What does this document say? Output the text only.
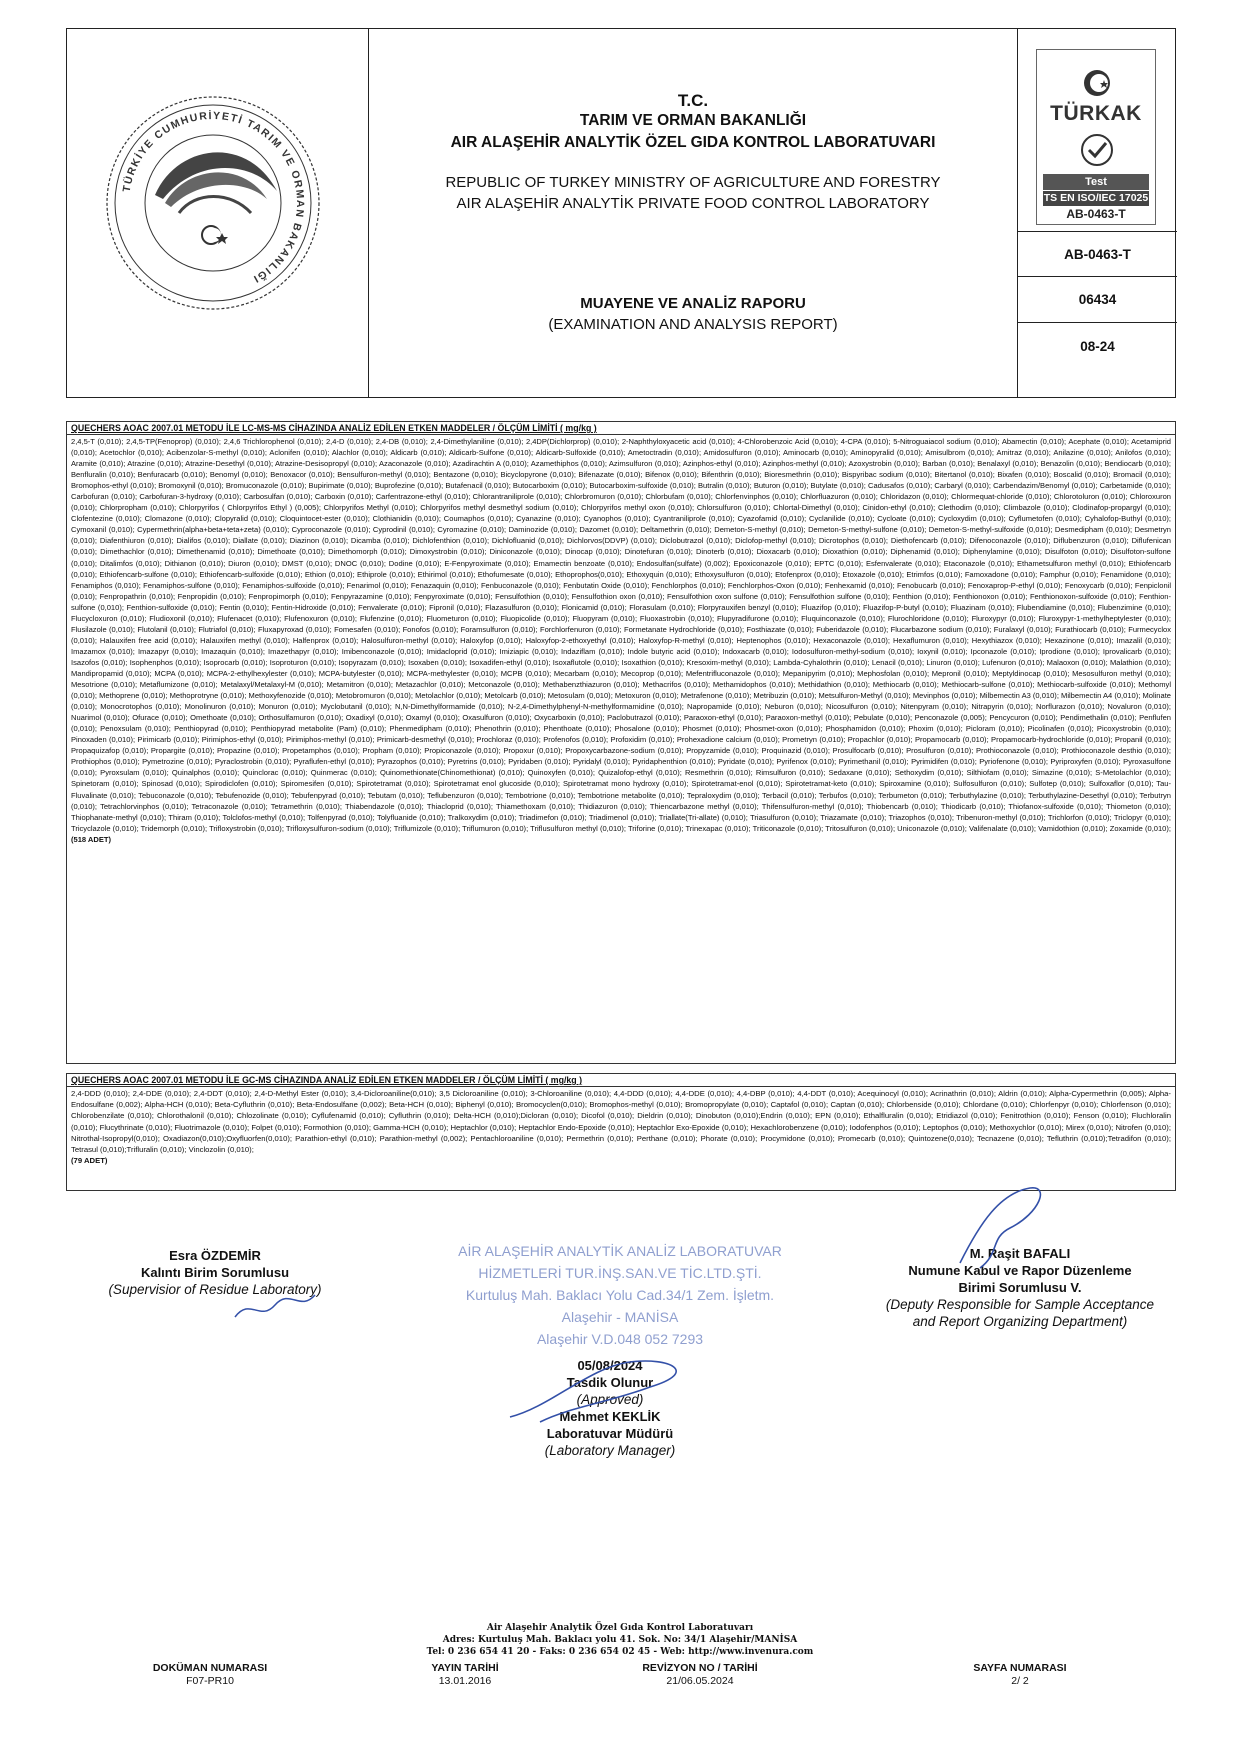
TÜRKİYE CUMHURİYETİ TARIM VE ORMAN BAKANLIĞI

T.C.

TARIM VE ORMAN BAKANLIĞI

AIR ALAŞEHİR ANALYTİK ÖZEL GIDA KONTROL LABORATUVARI

REPUBLIC OF TURKEY MINISTRY OF AGRICULTURE AND FORESTRY

AIR ALAŞEHİR ANALYTİK PRIVATE FOOD CONTROL LABORATORY

MUAYENE VE ANALİZ RAPORU

(EXAMINATION AND ANALYSIS REPORT)

TÜRKAK
Test
TS EN ISO/IEC 17025
AB-0463-T
AB-0463-T
06434
08-24
QUECHERS AOAC 2007.01 METODU İLE LC-MS-MS CİHAZINDA ANALİZ EDİLEN ETKEN MADDELER / ÖLÇÜM LİMİTİ ( mg/kg )
2,4,5-T (0,010); 2,4,5-TP(Fenoprop) (0,010); 2,4,6 Trichlorophenol (0,010); 2,4-D (0,010); 2,4-DB (0,010); 2,4-Dimethylaniline (0,010); 2,4DP(Dichlorprop) (0,010); 2-Naphthyloxyacetic acid (0,010); 4-Chlorobenzoic Acid (0,010); 4-CPA (0,010); 5-Nitroguaiacol sodium (0,010); Abamectin (0,010); Acephate (0,010); Acetamiprid (0,010); Acetochlor (0,010); Acibenzolar-S-methyl (0,010); Aclonifen (0,010); Alachlor (0,010); Aldicarb (0,010); Aldicarb-Sulfone (0,010); Aldicarb-Sulfoxide (0,010); Ametoctradin (0,010); Amidosulfuron (0,010); Aminocarb (0,010); Aminopyralid (0,010); Amisulbrom (0,010); Amitraz (0,010); Anilazine (0,010); Anilofos (0,010); Aramite (0,010); Atrazine (0,010); Atrazine-Desethyl (0,010); Atrazine-Desisopropyl (0,010); Azaconazole (0,010); Azadirachtin A (0,010); Azamethiphos (0,010); Azimsulfuron (0,010); Azinphos-ethyl (0,010); Azinphos-methyl (0,010); Azoxystrobin (0,010); Barban (0,010); Benalaxyl (0,010); Benazolin (0,010); Bendiocarb (0,010); Benfluralin (0,010); Benfuracarb (0,010); Benomyl (0,010); Benoxacor (0,010); Bensulfuron-methyl (0,010); Bentazone (0,010); Bicyclopyrone (0,010); Bifenazate (0,010); Bifenox (0,010); Bifenthrin (0,010); Bioresmethrin (0,010); Bispyribac sodium (0,010); Bitertanol (0,010); Bixafen (0,010); Boscalid (0,010); Bromacil (0,010); Bromophos-ethyl (0,010); Bromoxynil (0,010); Bromuconazole (0,010); Bupirimate (0,010); Buprofezine (0,010); Butafenacil (0,010); Butocarboxim (0,010); Butocarboxim-sulfoxide (0,010); Butralin (0,010); Buturon (0,010); Butylate (0,010); Cadusafos (0,010); Carbaryl (0,010); Carbendazim/Benomyl (0,010); Carbetamide (0,010); Carbofuran (0,010); Carbofuran-3-hydroxy (0,010); Carbosulfan (0,010); Carboxin (0,010); Carfentrazone-ethyl (0,010); Chlorantraniliprole (0,010); Chlorbromuron (0,010); Chlorbufam (0,010); Chlorfenvinphos (0,010); Chlorfluazuron (0,010); Chloridazon (0,010); Chlormequat-chloride (0,010); Chlorotoluron (0,010); Chloroxuron (0,010); Chlorpropham (0,010); Chlorpyrifos ( Chlorpyrifos Ethyl ) (0,005); Chlorpyrifos Methyl (0,010); Chlorpyrifos methyl desmethyl sodium (0,010); Chlorpyrifos methyl oxon (0,010); Chlorsulfuron (0,010); Chlortal-Dimethyl (0,010); Cinidon-ethyl (0,010); Clethodim (0,010); Climbazole (0,010); Clodinafop-propargyl (0,010); Clofentezine (0,010); Clomazone (0,010); Clopyralid (0,010); Cloquintocet-ester (0,010); Clothianidin (0,010); Coumaphos (0,010); Cyanazine (0,010); Cyanophos (0,010); Cyantraniliprole (0,010); Cyazofamid (0,010); Cyclanilide (0,010); Cycloate (0,010); Cycloxydim (0,010); Cyflumetofen (0,010); Cyhalofop-Buthyl (0,010); Cymoxanil (0,010); Cypermethrin(alpha+beta+teta+zeta) (0,010); Cyproconazole (0,010); Cyprodinil (0,010); Cyromazine (0,010); Daminozide (0,010); Dazomet (0,010); Deltamethrin (0,010); Demeton-S-methyl (0,010); Demeton-S-methyl-sulfone (0,010); Demeton-S-methyl-sulfoxide (0,010); Desmedipham (0,010); Desmetryn (0,010); Diafenthiuron (0,010); Dialifos (0,010); Diallate (0,010); Diazinon (0,010); Dicamba (0,010); Dichlofenthion (0,010); Dichlofluanid (0,010); Dichlorvos(DDVP) (0,010); Diclobutrazol (0,010); Diclofop-methyl (0,010); Dicrotophos (0,010); Diethofencarb (0,010); Difenoconazole (0,010); Diflubenzuron (0,010); Diflufenican (0,010); Dimethachlor (0,010); Dimethenamid (0,010); Dimethoate (0,010); Dimethomorph (0,010); Dimoxystrobin (0,010); Diniconazole (0,010); Dinocap (0,010); Dinotefuran (0,010); Dinoterb (0,010); Dioxacarb (0,010); Dioxathion (0,010); Diphenamid (0,010); Diphenylamine (0,010); Disulfoton (0,010); Disulfoton-sulfone (0,010); Ditalimfos (0,010); Dithianon (0,010); Diuron (0,010); DMST (0,010); DNOC (0,010); Dodine (0,010); E-Fenpyroximate (0,010); Emamectin benzoate (0,010); Endosulfan(sulfate) (0,002); Epoxiconazole (0,010); EPTC (0,010); Esfenvalerate (0,010); Etaconazole (0,010); Ethametsulfuron methyl (0,010); Ethiofencarb (0,010); Ethiofencarb-sulfone (0,010); Ethiofencarb-sulfoxide (0,010); Ethion (0,010); Ethiprole (0,010); Ethirimol (0,010); Ethofumesate (0,010); Ethoprophos(0,010); Ethoxyquin (0,010); Ethoxysulfuron (0,010); Etofenprox (0,010); Etoxazole (0,010); Etrimfos (0,010); Famoxadone (0,010); Famphur (0,010); Fenamidone (0,010); Fenamiphos (0,010); Fenamiphos-sulfone (0,010); Fenamiphos-sulfoxide (0,010); Fenarimol (0,010); Fenazaquin (0,010); Fenbuconazole (0,010); Fenbutatin Oxide (0,010); Fenchlorphos (0,010); Fenchlorphos-Oxon (0,010); Fenhexamid (0,010); Fenobucarb (0,010); Fenoxaprop-P-ethyl (0,010); Fenoxycarb (0,010); Fenpiclonil (0,010); Fenpropathrin (0,010); Fenpropidin (0,010); Fenpropimorph (0,010); Fenpyrazamine (0,010); Fenpyroximate (0,010); Fensulfothion (0,010); Fensulfothion oxon (0,010); Fensulfothion oxon sulfone (0,010); Fensulfothion sulfone (0,010); Fenthion (0,010); Fenthionoxon (0,010); Fenthionoxon-sulfoxide (0,010); Fenthion-sulfone (0,010); Fenthion-sulfoxide (0,010); Fentin (0,010); Fentin-Hidroxide (0,010); Fenvalerate (0,010); Fipronil (0,010); Flazasulfuron (0,010); Flonicamid (0,010); Florasulam (0,010); Florpyrauxifen benzyl (0,010); Fluazifop (0,010); Fluazifop-P-butyl (0,010); Fluazinam (0,010); Flubendiamine (0,010); Flubenzimine (0,010); Flucycloxuron (0,010); Fludioxonil (0,010); Flufenacet (0,010); Flufenoxuron (0,010); Flufenzine (0,010); Fluometuron (0,010); Fluopicolide (0,010); Fluopyram (0,010); Fluoxastrobin (0,010); Flupyradifurone (0,010); Fluquinconazole (0,010); Flurochloridone (0,010); Fluroxypyr (0,010); Fluroxypyr-1-methylheptylester (0,010); Flusilazole (0,010); Flutolanil (0,010); Flutriafol (0,010); Fluxapyroxad (0,010); Fomesafen (0,010); Fonofos (0,010); Foramsulfuron (0,010); Forchlorfenuron (0,010); Formetanate Hydrochloride (0,010); Fosthiazate (0,010); Fuberidazole (0,010); Flucarbazone sodium (0,010); Furalaxyl (0,010); Furathiocarb (0,010); Furmecyclox (0,010); Halauxifen free acid (0,010); Halauxifen methyl (0,010); Halfenprox (0,010); Halosulfuron-methyl (0,010); Haloxyfop (0,010); Haloxyfop-2-ethoxyethyl (0,010); Haloxyfop-R-methyl (0,010); Heptenophos (0,010); Hexaconazole (0,010); Hexaflumuron (0,010); Hexythiazox (0,010); Hexazinone (0,010); Imazalil (0,010); Imazamox (0,010); Imazapyr (0,010); Imazaquin (0,010); Imazethapyr (0,010); Imibenconazole (0,010); Imidacloprid (0,010); Imiziapic (0,010); Indaziflam (0,010); Indole butyric acid (0,010); Indoxacarb (0,010); Iodosulfuron-methyl-sodium (0,010); Ioxynil (0,010); Ipconazole (0,010); Iprodione (0,010); Iprovalicarb (0,010); Isazofos (0,010); Isophenphos (0,010); Isoprocarb (0,010); Isoproturon (0,010); Isopyrazam (0,010); Isoxaben (0,010); Isoxadifen-ethyl (0,010); Isoxaflutole (0,010); Isoxathion (0,010); Kresoxim-methyl (0,010); Lambda-Cyhalothrin (0,010); Lenacil (0,010); Linuron (0,010); Lufenuron (0,010); Malaoxon (0,010); Malathion (0,010); Mandipropamid (0,010); MCPA (0,010); MCPA-2-ethylhexylester (0,010); MCPA-butylester (0,010); MCPA-methylester (0,010); MCPB (0,010); Mecarbam (0,010); Mecoprop (0,010); Mefentrifluconazole (0,010); Mepanipyrim (0,010); Mephosfolan (0,010); Mepronil (0,010); Meptyldinocap (0,010); Mesosulfuron methyl (0,010); Mesotrione (0,010); Metaflumizone (0,010); Metalaxyl/Metalaxyl-M (0,010); Metamitron (0,010); Metazachlor (0,010); Metconazole (0,010); Methabenzthiazuron (0,010); Methacrifos (0,010); Methamidophos (0,010); Methidathion (0,010); Methiocarb (0,010); Methiocarb-sulfone (0,010); Methiocarb-sulfoxide (0,010); Methomyl (0,010); Methoprene (0,010); Methoprotryne (0,010); Methoxyfenozide (0,010); Metobromuron (0,010); Metolachlor (0,010); Metolcarb (0,010); Metosulam (0,010); Metoxuron (0,010); Metrafenone (0,010); Metribuzin (0,010); Metsulfuron-Methyl (0,010); Mevinphos (0,010); Milbemectin A3 (0,010); Milbemectin A4 (0,010); Molinate (0,010); Monocrotophos (0,010); Monolinuron (0,010); Monuron (0,010); Myclobutanil (0,010); N,N-Dimethylformamide (0,010); N-2,4-Dimethylphenyl-N-methylformamidine (0,010); Napropamide (0,010); Neburon (0,010); Nicosulfuron (0,010); Nitenpyram (0,010); Nitrapyrin (0,010); Norflurazon (0,010); Novaluron (0,010); Nuarimol (0,010); Ofurace (0,010); Omethoate (0,010); Orthosulfamuron (0,010); Oxadixyl (0,010); Oxamyl (0,010); Oxasulfuron (0,010); Oxycarboxin (0,010); Paclobutrazol (0,010); Paraoxon-ethyl (0,010); Paraoxon-methyl (0,010); Pebulate (0,010); Penconazole (0,005); Pencycuron (0,010); Pendimethalin (0,010); Penflufen (0,010); Penoxsulam (0,010); Penthiopyrad (0,010); Penthiopyrad metabolite (Pam) (0,010); Phenmedipham (0,010); Phenothrin (0,010); Phenthoate (0,010); Phosalone (0,010); Phosmet (0,010); Phosmet-oxon (0,010); Phosphamidon (0,010); Phoxim (0,010); Picloram (0,010); Picolinafen (0,010); Picoxystrobin (0,010); Pinoxaden (0,010); Pirimicarb (0,010); Pirimiphos-ethyl (0,010); Pirimiphos-methyl (0,010); Primicarb-desmethyl (0,010); Prochloraz (0,010); Profenofos (0,010); Profoxidim (0,010); Prohexadione calcium (0,010); Prometryn (0,010); Propachlor (0,010); Propamocarb (0,010); Propamocarb-hydrochloride (0,010); Propanil (0,010); Propaquizafop (0,010); Propargite (0,010); Propazine (0,010); Propetamphos (0,010); Propham (0,010); Propiconazole (0,010); Propoxur (0,010); Propoxycarbazone-sodium (0,010); Propyzamide (0,010); Proquinazid (0,010); Prosulfocarb (0,010); Prosulfuron (0,010); Prothioconazole (0,010); Prothioconazole desthio (0,010); Prothiophos (0,010); Pymetrozine (0,010); Pyraclostrobin (0,010); Pyraflufen-ethyl (0,010); Pyrazophos (0,010); Pyretrins (0,010); Pyridaben (0,010); Pyridalyl (0,010); Pyridaphenthion (0,010); Pyridate (0,010); Pyrifenox (0,010); Pyrimethanil (0,010); Pyrimidifen (0,010); Pyriofenone (0,010); Pyriproxyfen (0,010); Pyroxasulfone (0,010); Pyroxsulam (0,010); Quinalphos (0,010); Quinclorac (0,010); Quinmerac (0,010); Quinomethionate(Chinomethionat) (0,010); Quinoxyfen (0,010); Quizalofop-ethyl (0,010); Resmethrin (0,010); Rimsulfuron (0,010); Sedaxane (0,010); Sethoxydim (0,010); Silthiofam (0,010); Simazine (0,010); S-Metolachlor (0,010); Spinetoram (0,010); Spinosad (0,010); Spirodiclofen (0,010); Spiromesifen (0,010); Spirotetramat (0,010); Spirotetramat enol glucoside (0,010); Spirotetramat mono hydroxy (0,010); Spirotetramat-enol (0,010); Spirotetramat-keto (0,010); Spiroxamine (0,010); Sulfosulfuron (0,010); Sulfotep (0,010); Sulfoxaflor (0,010); Tau-Fluvalinate (0,010); Tebuconazole (0,010); Tebufenozide (0,010); Tebufenpyrad (0,010); Tebutam (0,010); Teflubenzuron (0,010); Tembotrione (0,010); Tembotrione metabolite (0,010); Tepraloxydim (0,010); Terbacil (0,010); Terbufos (0,010); Terbumeton (0,010); Terbuthylazine (0,010); Terbuthylazine-Desethyl (0,010); Terbutryn (0,010); Tetrachlorvinphos (0,010); Tetraconazole (0,010); Tetramethrin (0,010); Thiabendazole (0,010); Thiacloprid (0,010); Thiamethoxam (0,010); Thidiazuron (0,010); Thiencarbazone methyl (0,010); Thifensulfuron-methyl (0,010); Thiobencarb (0,010); Thiodicarb (0,010); Thiofanox-sulfoxide (0,010); Thiometon (0,010); Thiophanate-methyl (0,010); Thiram (0,010); Tolclofos-methyl (0,010); Tolfenpyrad (0,010); Tolyfluanide (0,010); Tralkoxydim (0,010); Triadimefon (0,010); Triadimenol (0,010); Triallate(Tri-allate) (0,010); Triasulfuron (0,010); Triazamate (0,010); Triazophos (0,010); Tribenuron-methyl (0,010); Trichlorfon (0,010); Triclopyr (0,010); Tricyclazole (0,010); Tridemorph (0,010); Trifloxystrobin (0,010); Trifloxysulfuron-sodium (0,010); Triflumizole (0,010); Triflumuron (0,010); Triflusulfuron methyl (0,010); Triforine (0,010); Trinexapac (0,010); Triticonazole (0,010); Tritosulfuron (0,010); Uniconazole (0,010); Valifenalate (0,010); Vamidothion (0,010); Zoxamide (0,010); (518 ADET)
QUECHERS AOAC 2007.01 METODU İLE GC-MS CİHAZINDA ANALİZ EDİLEN ETKEN MADDELER / ÖLÇÜM LİMİTİ ( mg/kg )
2,4-DDD (0,010); 2,4-DDE (0,010); 2,4-DDT (0,010); 2,4-D-Methyl Ester (0,010); 3,4-Dicloroaniline(0,010); 3,5 Dicloroaniline (0,010); 3-Chloroaniline (0,010); 4,4-DDD (0,010); 4,4-DDE (0,010); 4,4-DBP (0,010); 4,4-DDT (0,010); Acequinocyl (0,010); Acrinathrin (0,010); Aldrin (0,010); Alpha-Cypermethrin (0,005); Alpha-Endosulfane (0,002); Alpha-HCH (0,010); Beta-Cyfluthrin (0,010); Beta-Endosulfane (0,002); Beta-HCH (0,010); Biphenyl (0,010); Bromocyclen(0,010); Bromophos-methyl (0,010); Bromopropylate (0,010); Captafol (0,010); Captan (0,010); Chlorbenside (0,010); Chlordane (0,010); Chlorfenpyr (0,010); Chlorfenson (0,010); Chlorobenzilate (0,010); Chlorothalonil (0,010); Chlozolinate (0,010); Cyflufenamid (0,010); Cyfluthrin (0,010); Delta-HCH (0,010);Dicloran (0,010); Dicofol (0,010); Dieldrin (0,010); Dinobuton (0,010);Endrin (0,010); EPN (0,010); Ethalfluralin (0,010); Etridiazol (0,010); Fenitrothion (0,010); Fenson (0,010); Fluchloralin (0,010); Flucythrinate (0,010); Fluotrimazole (0,010); Folpet (0,010); Formothion (0,010); Gamma-HCH (0,010); Heptachlor (0,010); Heptachlor Endo-Epoxide (0,010); Heptachlor Exo-Epoxide (0,010); Hexachlorobenzene (0,010); Iodofenphos (0,010); Leptophos (0,010); Methoxychlor (0,010); Mirex (0,010); Nitrofen (0,010); Nitrothal-Isopropyl(0,010); Oxadiazon(0,010);Oxyfluorfen(0,010); Parathion-ethyl (0,010); Parathion-methyl (0,002); Pentachloroaniline (0,010); Permethrin (0,010); Perthane (0,010); Phorate (0,010); Procymidone (0,010); Promecarb (0,010); Quintozene(0,010); Tecnazene (0,010); Tefluthrin (0,010);Tetradifon (0,010); Tetrasul (0,010);Trifluralin (0,010); Vinclozolin (0,010);
(79 ADET)
AİR ALAŞEHİR ANALYTİK ANALİZ LABORATUVAR
HİZMETLERİ TUR.İNŞ.SAN.VE TİC.LTD.ŞTİ.
Kurtuluş Mah. Baklacı Yolu Cad.34/1 Zem. İşletm.
Alaşehir - MANİSA
Alaşehir V.D.048 052 7293
Esra ÖZDEMİR
Kalıntı Birim Sorumlusu
(Supervisior of Residue Laboratory)
M. Raşit BAFALI
Numune Kabul ve Rapor Düzenleme
Birimi Sorumlusu V.
(Deputy Responsible for Sample Acceptance
and Report Organizing Department)
05/08/2024
Tasdik Olunur
(Approved)
Mehmet KEKLİK
Laboratuvar Müdürü
(Laboratory Manager)
Air Alaşehir Analytik Özel Gıda Kontrol Laboratuvarı
Adres: Kurtuluş Mah. Baklacı yolu 41. Sok. No: 34/1 Alaşehir/MANİSA
Tel: 0 236 654 41 20 - Faks: 0 236 654 02 45 - Web: http://www.invenura.com
DOKÜMAN NUMARASI
F07-PR10
YAYIN TARİHİ
13.01.2016
REVİZYON NO / TARİHİ
21/06.05.2024
SAYFA NUMARASI
2/ 2
